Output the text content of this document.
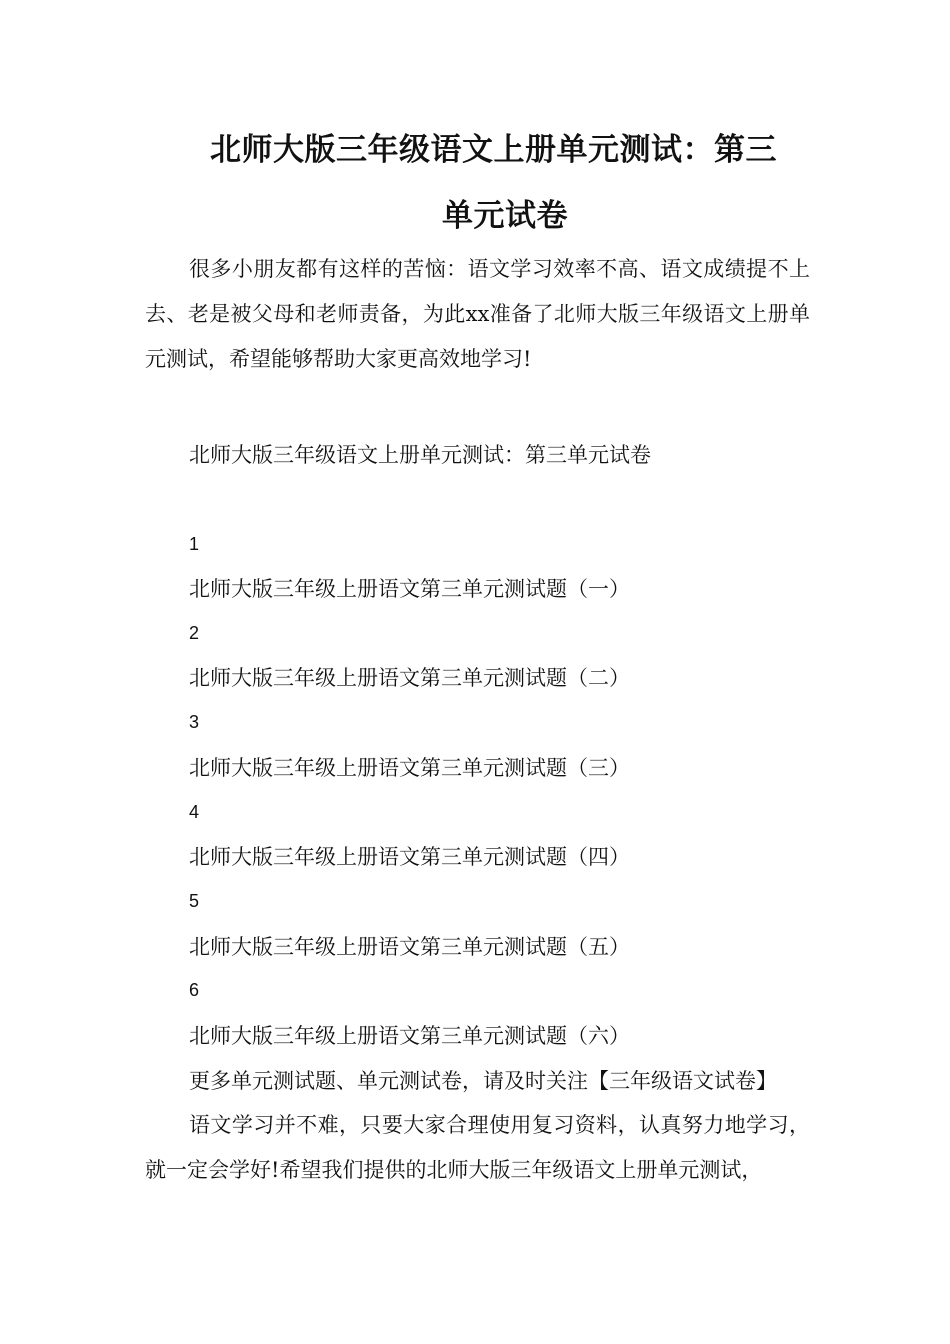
北师大版三年级语文上册单元测试：第三
单元试卷
很多小朋友都有这样的苦恼：语文学习效率不高、语文成绩提不上去、老是被父母和老师责备，为此xx准备了北师大版三年级语文上册单元测试，希望能够帮助大家更高效地学习!
北师大版三年级语文上册单元测试：第三单元试卷
1
北师大版三年级上册语文第三单元测试题（一）
2
北师大版三年级上册语文第三单元测试题（二）
3
北师大版三年级上册语文第三单元测试题（三）
4
北师大版三年级上册语文第三单元测试题（四）
5
北师大版三年级上册语文第三单元测试题（五）
6
北师大版三年级上册语文第三单元测试题（六）
更多单元测试题、单元测试卷，请及时关注【三年级语文试卷】
语文学习并不难，只要大家合理使用复习资料，认真努力地学习，就一定会学好!希望我们提供的北师大版三年级语文上册单元测试，
